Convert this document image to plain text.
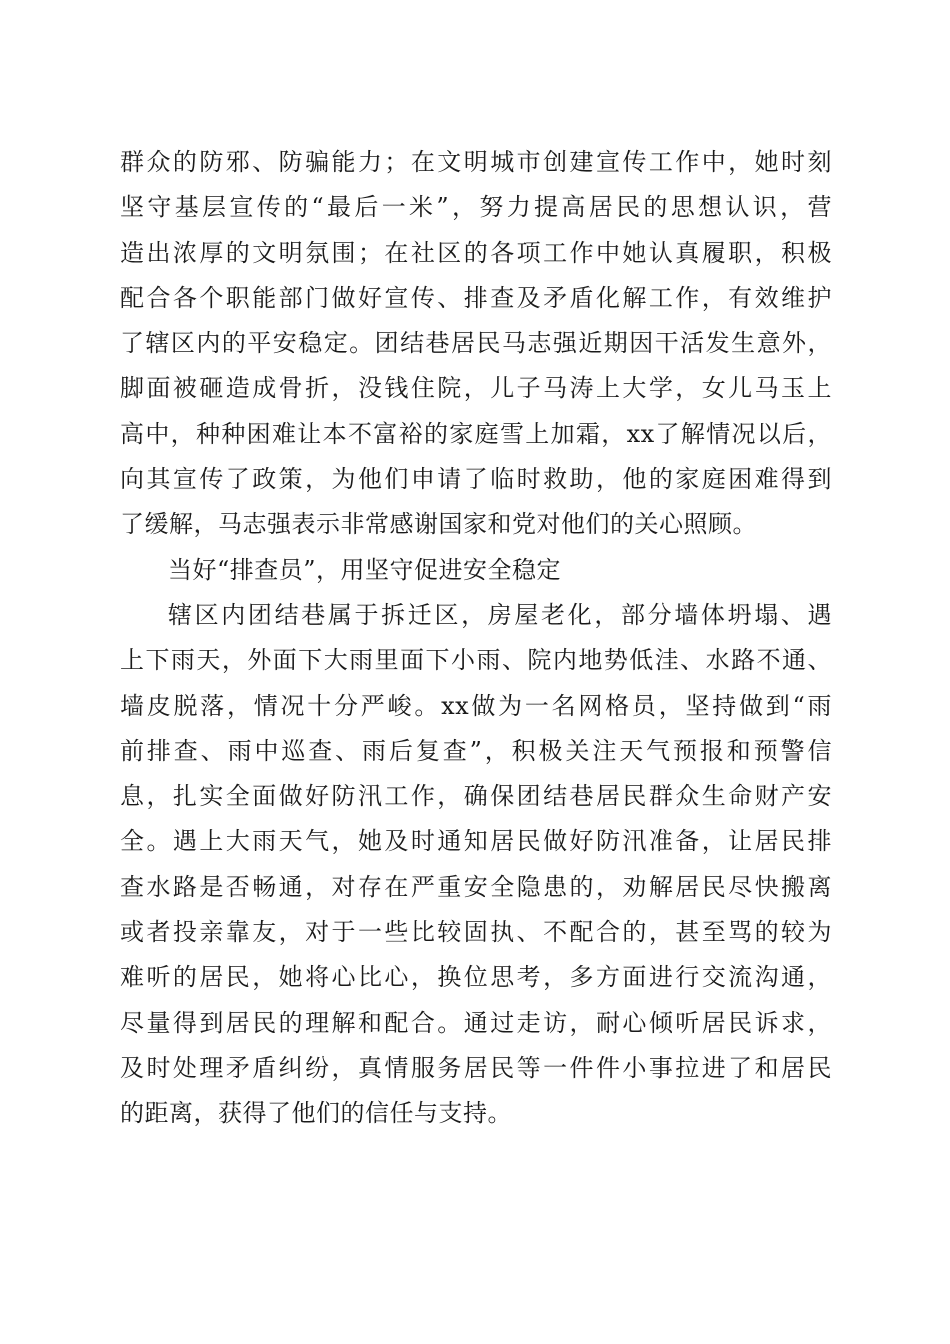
群众的防邪、防骗能力；在文明城市创建宣传工作中，她时刻
坚守基层宣传的“最后一米”，努力提高居民的思想认识，营
造出浓厚的文明氛围；在社区的各项工作中她认真履职，积极
配合各个职能部门做好宣传、排查及矛盾化解工作，有效维护
了辖区内的平安稳定。团结巷居民马志强近期因干活发生意外，
脚面被砸造成骨折，没钱住院，儿子马涛上大学，女儿马玉上
高中，种种困难让本不富裕的家庭雪上加霜，xx了解情况以后，
向其宣传了政策，为他们申请了临时救助，他的家庭困难得到
了缓解，马志强表示非常感谢国家和党对他们的关心照顾。
当好“排查员”，用坚守促进安全稳定
辖区内团结巷属于拆迁区，房屋老化，部分墙体坍塌、遇
上下雨天，外面下大雨里面下小雨、院内地势低洼、水路不通、
墙皮脱落，情况十分严峻。xx做为一名网格员，坚持做到“雨
前排查、雨中巡查、雨后复查”，积极关注天气预报和预警信
息，扎实全面做好防汛工作，确保团结巷居民群众生命财产安
全。遇上大雨天气，她及时通知居民做好防汛准备，让居民排
查水路是否畅通，对存在严重安全隐患的，劝解居民尽快搬离
或者投亲靠友，对于一些比较固执、不配合的，甚至骂的较为
难听的居民，她将心比心，换位思考，多方面进行交流沟通，
尽量得到居民的理解和配合。通过走访，耐心倾听居民诉求，
及时处理矛盾纠纷，真情服务居民等一件件小事拉进了和居民
的距离，获得了他们的信任与支持。
